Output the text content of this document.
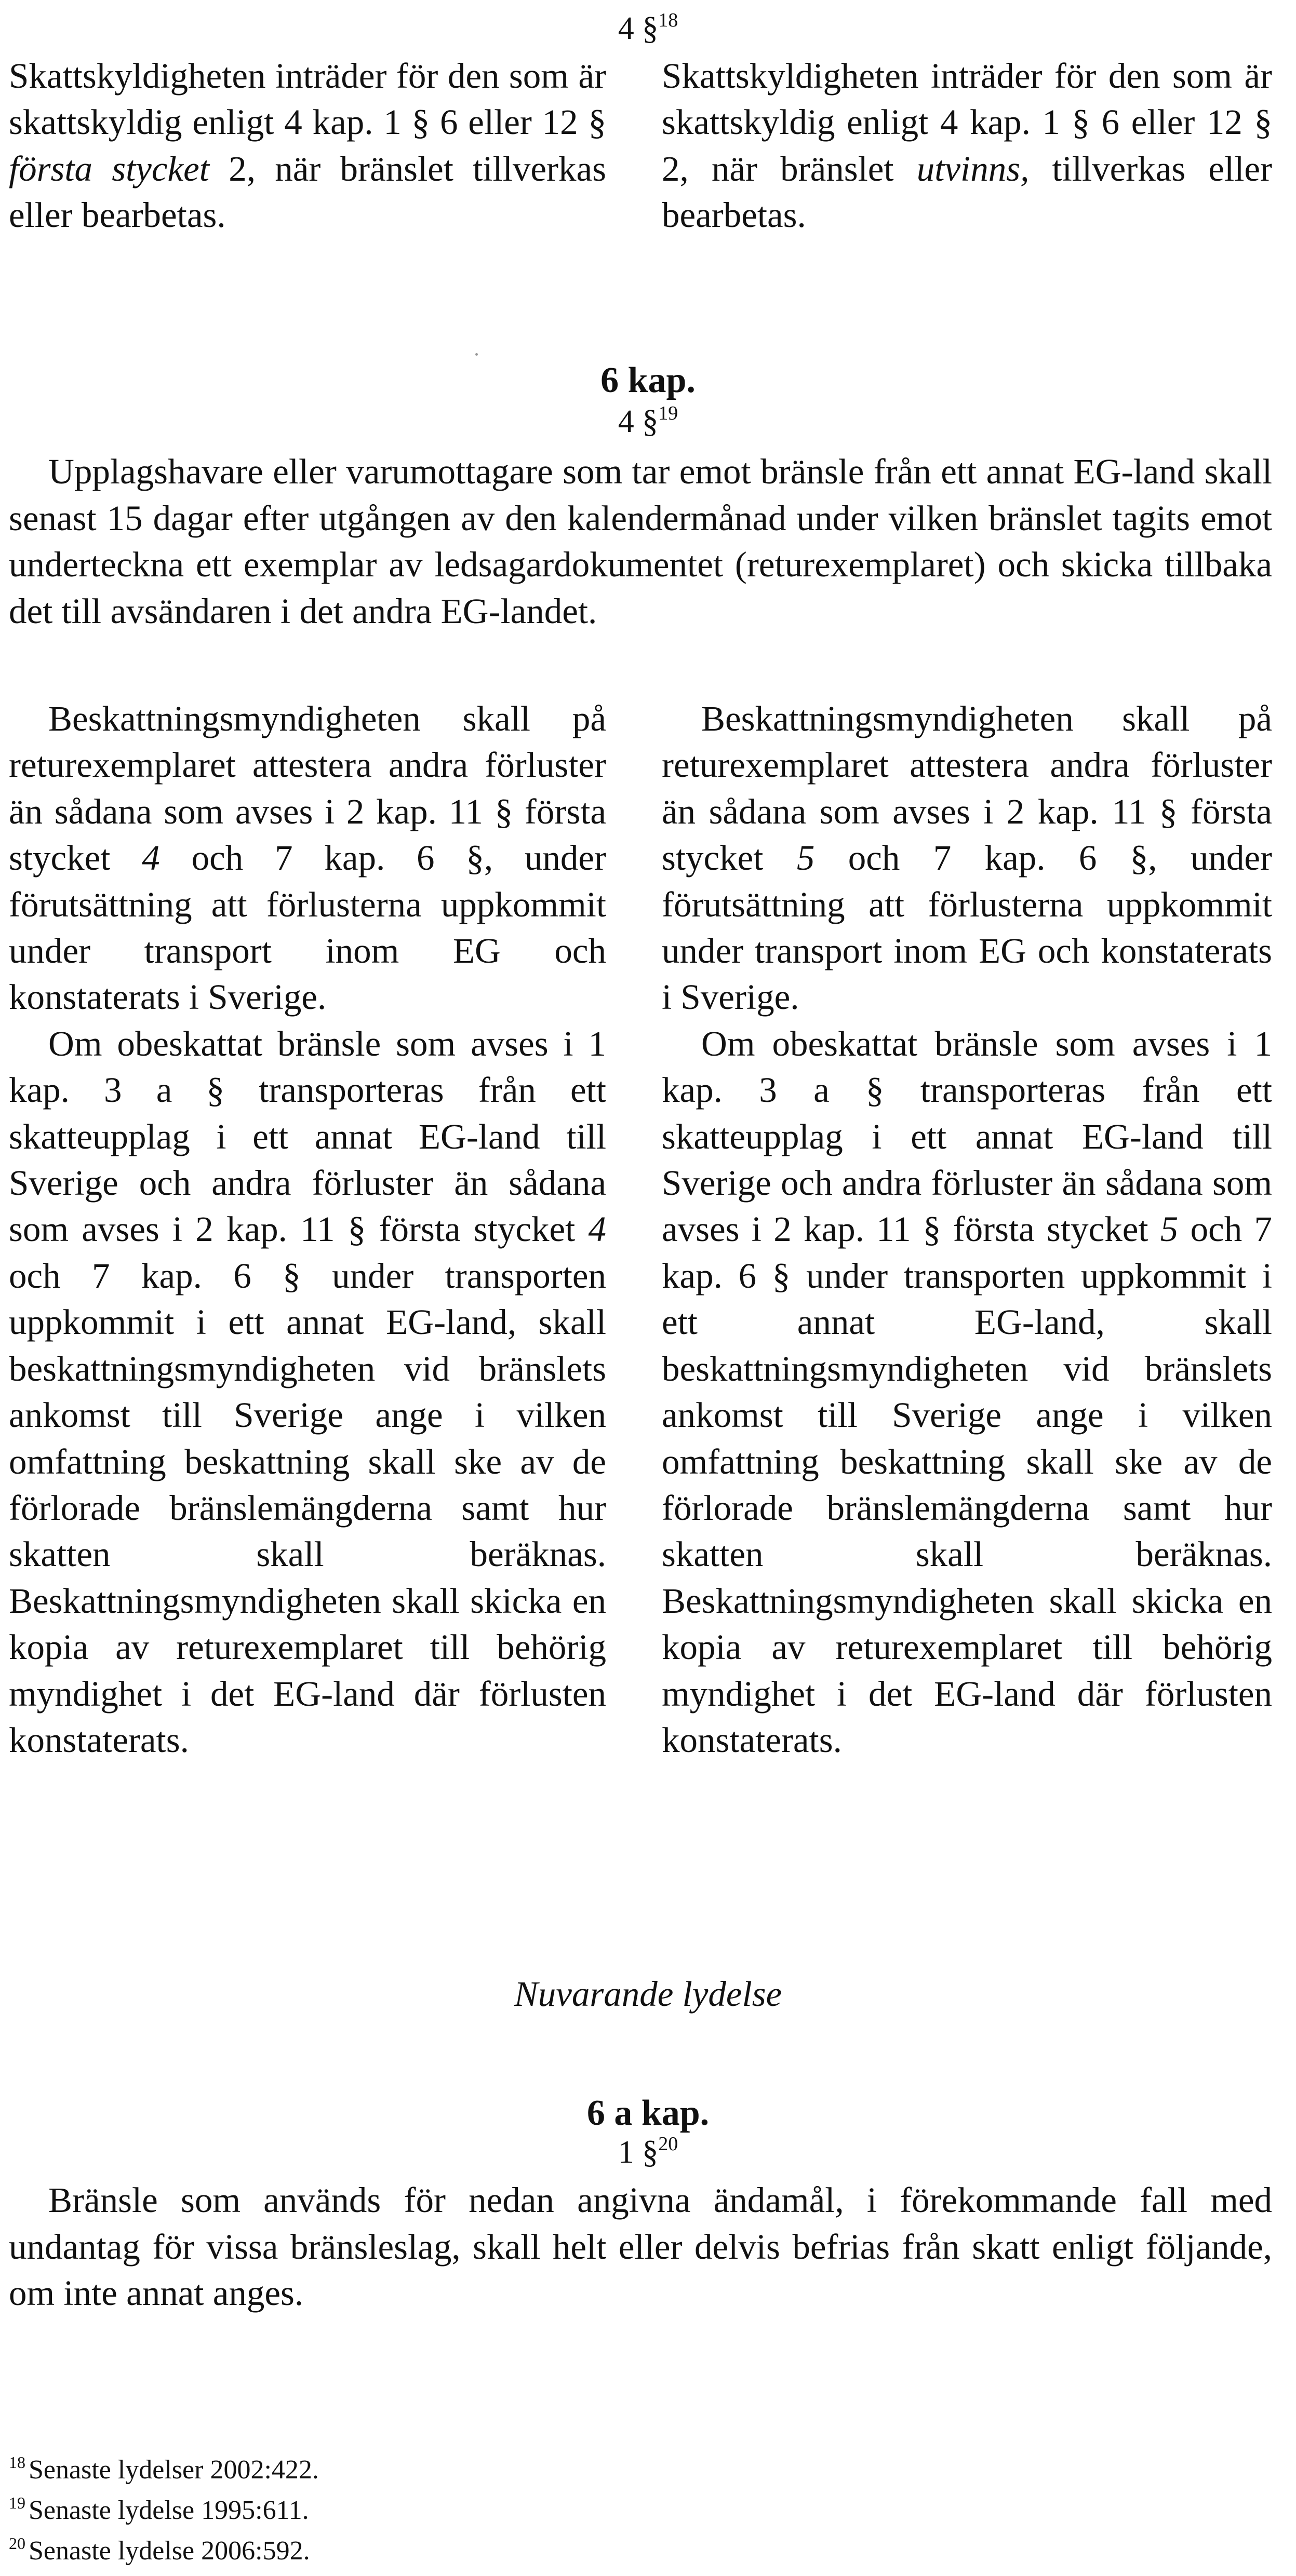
4 §$^{18}$

Skattskyldigheten inträder för den som är skattskyldig enligt 4 kap. 1 § 6 eller 12 § första stycket 2, när bränslet tillverkas eller bearbetas.

Skattskyldigheten inträder för den som är skattskyldig enligt 4 kap. 1 § 6 eller 12 § 2, när bränslet utvinns, tillverkas eller bearbetas.

6 kap.
4 §$^{19}$

Upplagshavare eller varumottagare som tar emot bränsle från ett annat EG-land skall senast 15 dagar efter utgången av den kalendermånad under vilken bränslet tagits emot underteckna ett exemplar av ledsagardokumentet (returexemplaret) och skicka tillbaka det till avsändaren i det andra EG-landet.

Beskattningsmyndigheten skall på returexemplaret attestera andra förluster än sådana som avses i 2 kap. 11 § första stycket 4 och 7 kap. 6 §, under förutsättning att förlusterna uppkommit under transport inom EG och konstaterats i Sverige.

Om obeskattat bränsle som avses i 1 kap. 3 a § transporteras från ett skatteupplag i ett annat EG-land till Sverige och andra förluster än sådana som avses i 2 kap. 11 § första stycket 4 och 7 kap. 6 § under transporten uppkommit i ett annat EG-land, skall beskattningsmyndigheten vid bränslets ankomst till Sverige ange i vilken omfattning beskattning skall ske av de förlorade bränslemängderna samt hur skatten skall beräknas. Beskattningsmyndigheten skall skicka en kopia av returexemplaret till behörig myndighet i det EG-land där förlusten konstaterats.

Beskattningsmyndigheten skall på returexemplaret attestera andra förluster än sådana som avses i 2 kap. 11 § första stycket 5 och 7 kap. 6 §, under förutsättning att förlusterna uppkommit under transport inom EG och konstaterats i Sverige.

Om obeskattat bränsle som avses i 1 kap. 3 a § transporteras från ett skatteupplag i ett annat EG-land till Sverige och andra förluster än sådana som avses i 2 kap. 11 § första stycket 5 och 7 kap. 6 § under transporten uppkommit i ett annat EG-land, skall beskattningsmyndigheten vid bränslets ankomst till Sverige ange i vilken omfattning beskattning skall ske av de förlorade bränslemängderna samt hur skatten skall beräknas. Beskattningsmyndigheten skall skicka en kopia av returexemplaret till behörig myndighet i det EG-land där förlusten konstaterats.

Nuvarande lydelse
6 a kap.
1 §$^{20}$

Bränsle som används för nedan angivna ändamål, i förekommande fall med undantag för vissa bränsleslag, skall helt eller delvis befrias från skatt enligt följande, om inte annat anges.

$^{18}$ Senaste lydelser 2002:422.
$^{19}$ Senaste lydelse 1995:611.
$^{20}$ Senaste lydelse 2006:592.
